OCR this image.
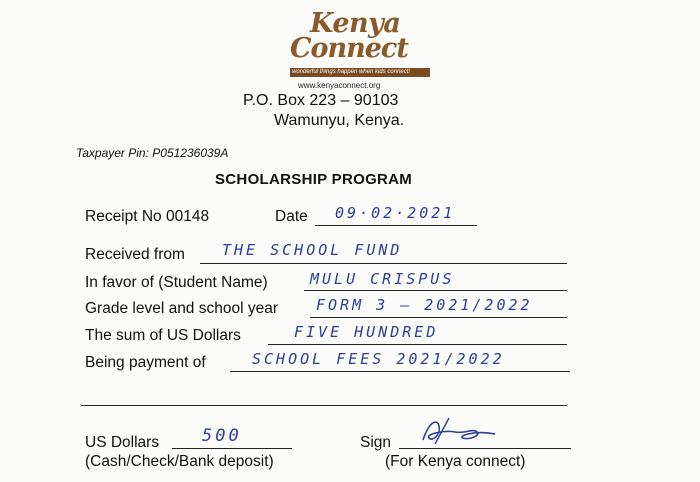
Kenya
Connect
wonderful things happen when kids connect!
www.kenyaconnect.org
P.O. Box 223 – 90103
Wamunyu, Kenya.
Taxpayer Pin: P051236039A
SCHOLARSHIP PROGRAM
Receipt No 00148	Date 09·02·2021
Received from THE SCHOOL FUND
In favor of (Student Name)	MULU CRISPUS
Grade level and school year	FORM 3 – 2021/2022
The sum of US Dollars	FIVE HUNDRED
Being payment of	SCHOOL FEES 2021/2022
US Dollars	500
(Cash/Check/Bank deposit)
Sign
(For Kenya connect)
